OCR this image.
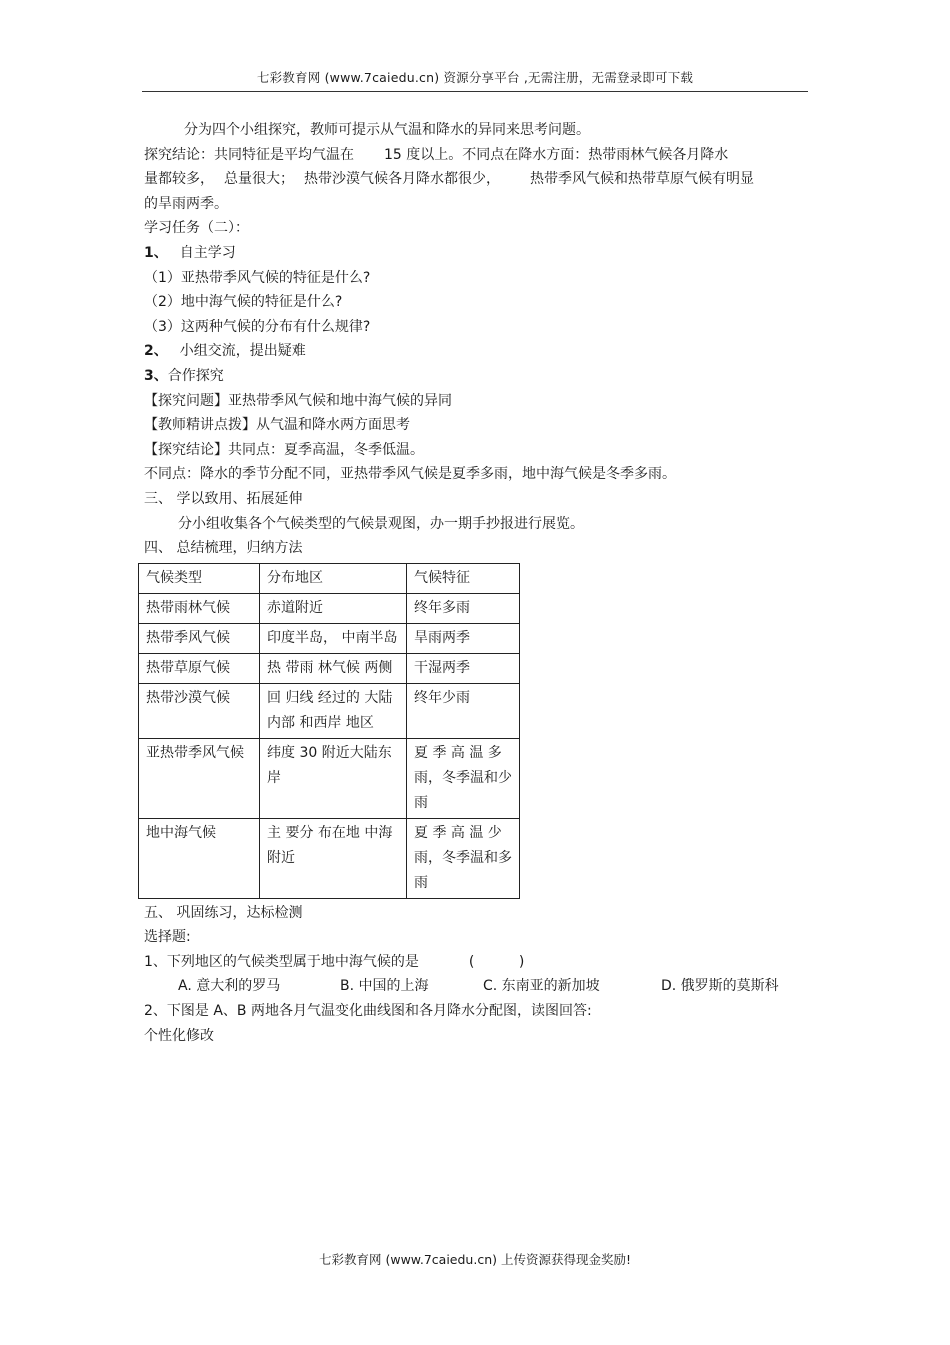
七彩教育网 (www.7caiedu.cn) 资源分享平台 ,无需注册，无需登录即可下载

分为四个小组探究，教师可提示从气温和降水的异同来思考问题。

探究结论：共同特征是平均气温在 15 度以上。不同点在降水方面：热带雨林气候各月降水

量都较多， 总量很大； 热带沙漠气候各月降水都很少， 热带季风气候和热带草原气候有明显

的旱雨两季。

学习任务（二）：

1、 自主学习

（1）亚热带季风气候的特征是什么?

（2）地中海气候的特征是什么?

（3）这两种气候的分布有什么规律?

2、 小组交流，提出疑难

3、合作探究

【探究问题】亚热带季风气候和地中海气候的异同

【教师精讲点拨】从气温和降水两方面思考

【探究结论】共同点：夏季高温，冬季低温。

不同点：降水的季节分配不同，亚热带季风气候是夏季多雨，地中海气候是冬季多雨。

三、 学以致用、拓展延伸

分小组收集各个气候类型的气候景观图，办一期手抄报进行展览。

四、 总结梳理，归纳方法

气候类型	分布地区	气候特征
热带雨林气候	赤道附近	终年多雨
热带季风气候	印度半岛， 中南半岛	旱雨两季
热带草原气候	热 带雨 林气候 两侧	干湿两季
热带沙漠气候	回 归线 经过的 大陆 内部 和西岸 地区	终年少雨
亚热带季风气候	纬度 30 附近大陆东岸	夏 季 高 温 多雨，冬季温和少雨
地中海气候	主 要分 布在地 中海附近	夏 季 高 温 少雨，冬季温和多雨

五、 巩固练习，达标检测

选择题:

1、下列地区的气候类型属于地中海气候的是	(          )

A. 意大利的罗马	B. 中国的上海	C. 东南亚的新加坡	D. 俄罗斯的莫斯科

2、下图是 A、B 两地各月气温变化曲线图和各月降水分配图，读图回答:

个性化修改

七彩教育网 (www.7caiedu.cn) 上传资源获得现金奖励!
